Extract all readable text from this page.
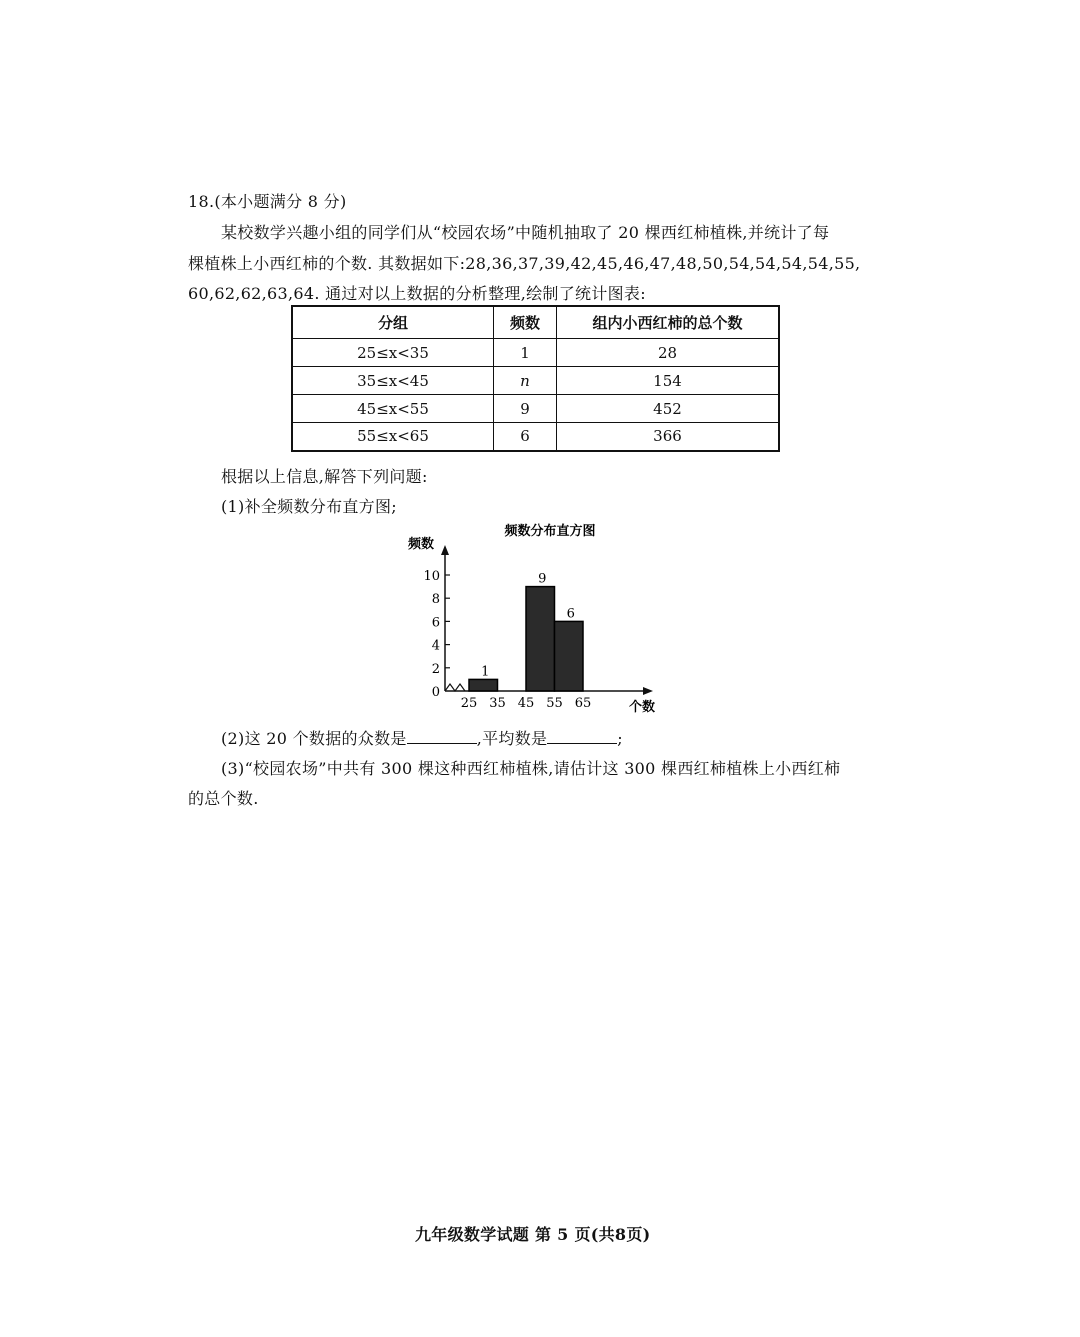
18.(本小题满分 8 分)
某校数学兴趣小组的同学们从“校园农场”中随机抽取了 20 棵西红柿植株,并统计了每
棵植株上小西红柿的个数. 其数据如下:28,36,37,39,42,45,46,47,48,50,54,54,54,54,55,
60,62,62,63,64. 通过对以上数据的分析整理,绘制了统计图表:
分组	频数	组内小西红柿的总个数
25≤x<35	1	28
35≤x<45	n	154
45≤x<55	9	452
55≤x<65	6	366
根据以上信息,解答下列问题:
(1)补全频数分布直方图;
0
2
4
6
8
10
25 35 45 55 65
1
9
6
频数分布直方图
频数
个数
(2)这 20 个数据的众数是	,平均数是	;
(3)“校园农场”中共有 300 棵这种西红柿植株,请估计这 300 棵西红柿植株上小西红柿
的总个数.
九年级数学试题 第 5 页(共8页)
